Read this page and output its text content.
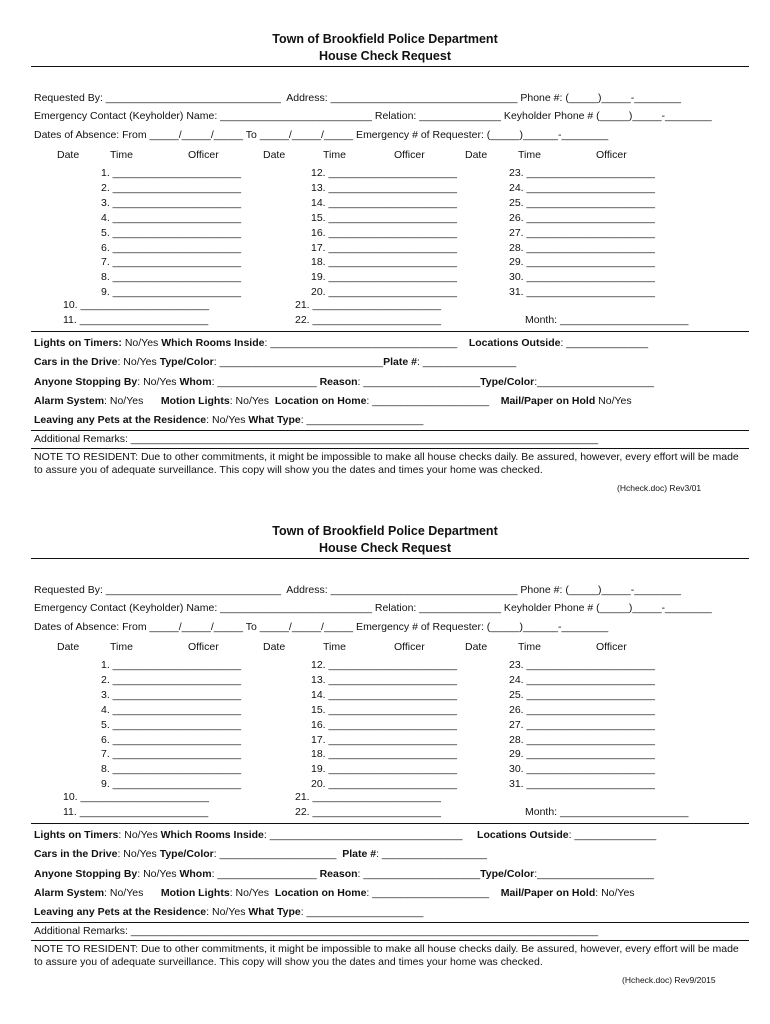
Town of Brookfield Police Department
House Check Request
Requested By: ______________________________  Address: ________________________________ Phone #: (_____)_____-________
Emergency Contact (Keyholder) Name: __________________________ Relation: ______________ Keyholder Phone # (_____)_____-________
Dates of Absence: From _____/_____/_____ To _____/_____/_____ Emergency # of Requester: (_____)______-________
Date	Time	Officer	Date	Time	Officer	Date	Time	Officer
1. ______________________
2. ______________________
3. ______________________
4. ______________________
5. ______________________
6. ______________________
7. ______________________
8. ______________________
9. ______________________
12. ______________________
13. ______________________
14. ______________________
15. ______________________
16. ______________________
17. ______________________
18. ______________________
19. ______________________
20. ______________________
23. ______________________
24. ______________________
25. ______________________
26. ______________________
27. ______________________
28. ______________________
29. ______________________
30. ______________________
31. ______________________
10. ______________________
11. ______________________
21. ______________________
22. ______________________	Month: ______________________
Lights on Timers: No/Yes Which Rooms Inside: ________________________________    Locations Outside: ______________
Cars in the Drive: No/Yes Type/Color: ____________________________Plate #: ________________
Anyone Stopping By: No/Yes Whom: _________________ Reason: ____________________Type/Color:____________________
Alarm System: No/Yes      Motion Lights: No/Yes  Location on Home: ____________________    Mail/Paper on Hold No/Yes
Leaving any Pets at the Residence: No/Yes What Type: ____________________
Additional Remarks: ________________________________________________________________________________
NOTE TO RESIDENT: Due to other commitments, it might be impossible to make all house checks daily. Be assured, however, every effort will be made to assure you of adequate surveillance. This copy will show you the dates and times your home was checked.
(Hcheck.doc) Rev3/01
Town of Brookfield Police Department
House Check Request
Requested By: ______________________________  Address: ________________________________ Phone #: (_____)_____-________
Emergency Contact (Keyholder) Name: __________________________ Relation: ______________ Keyholder Phone # (_____)_____-________
Dates of Absence: From _____/_____/_____ To _____/_____/_____ Emergency # of Requester: (_____)______-________
Date	Time	Officer	Date	Time	Officer	Date	Time	Officer
1. ______________________
2. ______________________
3. ______________________
4. ______________________
5. ______________________
6. ______________________
7. ______________________
8. ______________________
9. ______________________
12. ______________________
13. ______________________
14. ______________________
15. ______________________
16. ______________________
17. ______________________
18. ______________________
19. ______________________
20. ______________________
23. ______________________
24. ______________________
25. ______________________
26. ______________________
27. ______________________
28. ______________________
29. ______________________
30. ______________________
31. ______________________
10. ______________________
11. ______________________
21. ______________________
22. ______________________	Month: ______________________
Lights on Timers: No/Yes Which Rooms Inside: _________________________________     Locations Outside: ______________
Cars in the Drive: No/Yes Type/Color: ____________________  Plate #: __________________
Anyone Stopping By: No/Yes Whom: _________________ Reason: ____________________Type/Color:____________________
Alarm System: No/Yes      Motion Lights: No/Yes  Location on Home: ____________________    Mail/Paper on Hold: No/Yes
Leaving any Pets at the Residence: No/Yes What Type: ____________________
Additional Remarks: ________________________________________________________________________________
NOTE TO RESIDENT: Due to other commitments, it might be impossible to make all house checks daily. Be assured, however, every effort will be made to assure you of adequate surveillance. This copy will show you the dates and times your home was checked.
(Hcheck.doc) Rev9/2015
